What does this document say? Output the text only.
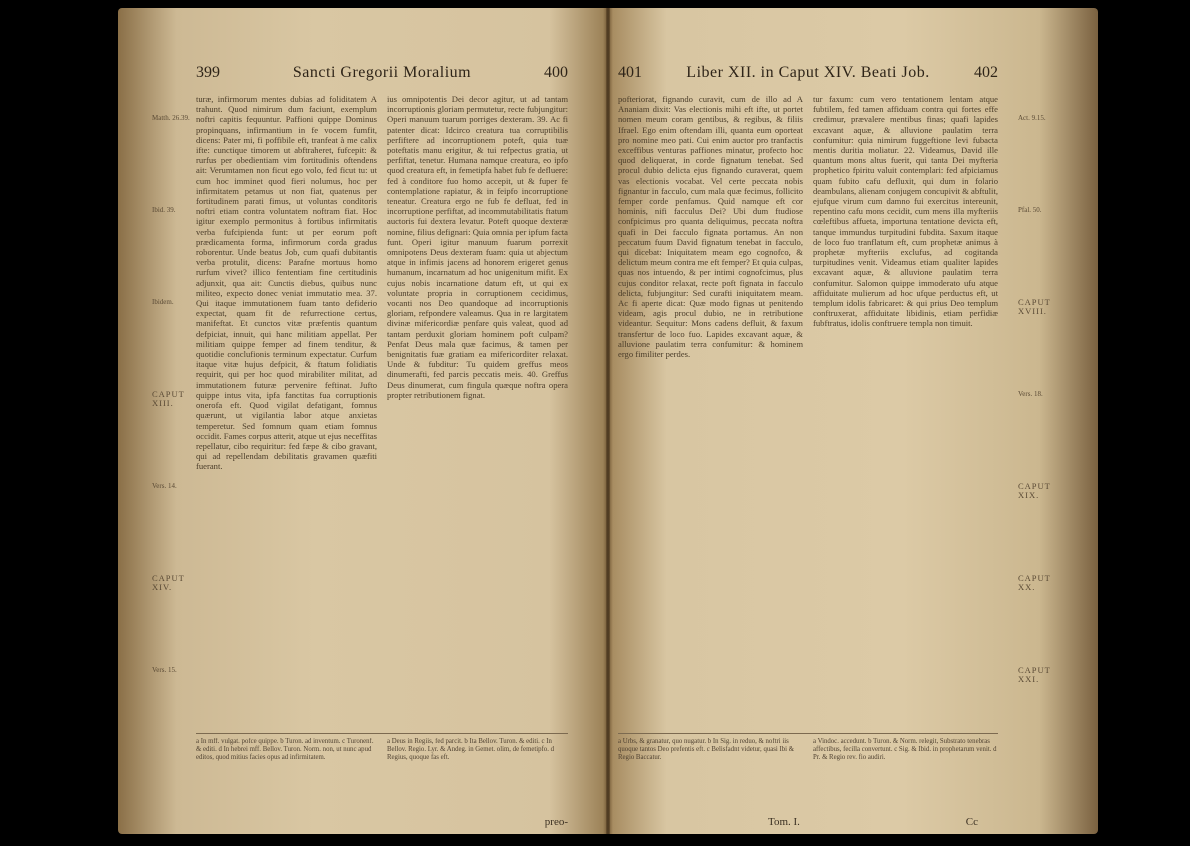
399	Sancti Gregorii Moralium	400
turæ, infirmorum mentes dubias ad foliditatem A trahunt. Quod nimirum dum faciunt, exemplum noftri capitis fequuntur. Paffioni quippe Dominus propinquans, infirmantium in fe vocem fumfit, dicens: Pater mi, fi poffibile eft, tranfeat à me calix ifte: cunctique timorem ut abftraheret, fufcepit: & rurfus per obedientiam vim fortitudinis oftendens ait: Verumtamen non ficut ego volo, fed ficut tu: ut cum hoc imminet quod fieri nolumus, hoc per infirmitatem petamus ut non fiat, quatenus per fortitudinem parati fimus, ut voluntas conditoris noftri etiam contra voluntatem noftram fiat. Hoc igitur exemplo permonitus à fortibus infirmitatis verba fufcipienda funt: ut per eorum poft prædicamenta forma, infirmorum corda gradus roborentur. Unde beatus Job, cum quafi dubitantis verba protulit, dicens: Parafne mortuus homo rurfum vivet? illico fententiam fine certitudinis adjunxit, qua ait: Cunctis diebus, quibus nunc militeo, expecto donec veniat immutatio mea. 37. Qui itaque immutationem fuam tanto defiderio expectat, quam fit de refurrectione certus, manifeftat. Et cunctos vitæ præfentis quantum defpiciat, innuit, qui hanc militiam appellat. Per militiam quippe femper ad finem tenditur, & quotidie conclufionis terminum expectatur. Curfum itaque vitæ hujus defpicit, & ftatum folidiatis requirit, qui per hoc quod mirabiliter militat, ad immutationem futuræ pervenire feftinat. Jufto quippe intus vita, ipfa fanctitas fua corruptionis onerofa eft. Quod vigilat defatigant, fomnus quærunt, ut vigilantia labor atque anxietas temperetur. Sed fomnum quam etiam fomnus occidit. Fames corpus atterit, atque ut ejus neceffitas repellatur, cibo requiritur: fed fæpe & cibo gravant, qui ad repellendam debilitatis gravamen quæfiti fuerant.
ius omnipotentis Dei decor agitur, ut ad tantam incorruptionis gloriam permutetur, recte fubjungitur: Operi manuum tuarum porriges dexteram. 39. Ac fi patenter dicat: Idcirco creatura tua corruptibilis perfiftere ad incorruptionem poteft, quia tuæ poteftatis manu erigitur, & tui refpectus gratia, ut perfiftat, tenetur. Humana namque creatura, eo ipfo quod creatura eft, in femetipfa habet fub fe defluere: fed à conditore fuo homo accepit, ut & fuper fe contemplatione rapiatur, & in feipfo incorruptione teneatur. Creatura ergo ne fub fe defluat, fed in incorruptione perfiftat, ad incommutabilitatis ftatum auctoris fui dextera levatur. Poteft quoque dexteræ nomine, filius defignari: Quia omnia per ipfum facta funt. Operi igitur manuum fuarum porrexit omnipotens Deus dexteram fuam: quia ut abjectum atque in infimis jacens ad honorem erigeret genus humanum, incarnatum ad hoc unigenitum mifit. Ex cujus nobis incarnatione datum eft, ut qui ex voluntate propria in corruptionem cecidimus, vocanti nos Deo quandoque ad incorruptionis gloriam, refpondere valeamus. Qua in re largitatem divinæ mifericordiæ penfare quis valeat, quod ad tantam perduxit gloriam hominem poft culpam? Penfat Deus mala quæ facimus, & tamen per benignitatis fuæ gratiam ea mifericorditer relaxat. Unde & fubditur: Tu quidem greffus meos dinumerafti, fed parcis peccatis meis. 40. Greffus Deus dinumerat, cum fingula quæque noftra opera propter retributionem fignat.
a In mff. vulgat. pofce quippe. b Turon. ad inventum. c Turonenf. & editi. d In hebrei mff. Bellov. Turon. Norm. non, ut nunc apud editos, quod mitius facies opus ad infirmitatem.
a Deus in Regiis, fed parcit. b Ita Bellov. Turon. & editi. c In Bellov. Regio. Lyr. & Andeg. in Gemet. olim, de femetipfo. d Regius, quoque fas eft.
preo-
Matth. 26.39.
Ibid. 39.
Ibidem.
CAPUT XIII.
Vers. 14.
CAPUT XIV.
Vers. 15.
401	Liber XII. in Caput XIV. Beati Job.	402
pofteriorat, fignando curavit, cum de illo ad A Ananiam dixit: Vas electionis mihi eft ifte, ut portet nomen meum coram gentibus, & regibus, & filiis Ifrael. Ego enim oftendam illi, quanta eum oporteat pro nomine meo pati. Cui enim auctor pro tranfactis exceffibus venturas paffiones minatur, profecto hoc quod deliquerat, in corde fignatum tenebat. Sed procul dubio delicta ejus fignando curaverat, quem vas electionis vocabat. Vel certe peccata nobis fignantur in facculo, cum mala quæ fecimus, follicito femper corde penfamus. Quid namque eft cor hominis, nifi facculus Dei? Ubi dum ftudiose confpicimus pro quanta deliquimus, peccata noftra quafi in Dei facculo fignata portamus. An non peccatum fuum David fignatum tenebat in facculo, qui dicebat: Iniquitatem meam ego cognofco, & delictum meum contra me eft femper? Et quia culpas, quas nos intuendo, & per intimi cognofcimus, plus cujus conditor relaxat, recte poft fignata in facculo delicta, fubjungitur: Sed curafti iniquitatem meam. Ac fi aperte dicat: Quæ modo fignas ut penitendo videam, agis procul dubio, ne in retributione videantur. Sequitur: Mons cadens defluit, & faxum transfertur de loco fuo. Lapides excavant aquæ, & alluvione paulatim terra confumitur: & hominem ergo fimiliter perdes.
tur faxum: cum vero tentationem lentam atque fubtilem, fed tamen affiduam contra qui fortes effe credimur, prævalere mentibus finas; quafi lapides excavant aquæ, & alluvione paulatim terra confumitur: quia nimirum fuggeftione levi fubacta mentis duritia moliatur. 22. Videamus, David ille quantum mons altus fuerit, qui tanta Dei myfteria prophetico fpiritu valuit contemplari: fed afpiciamus quam fubito cafu defluxit, qui dum in folario deambulans, alienam conjugem concupivit & abftulit, ejufque virum cum damno fui exercitus intereunit, repentino cafu mons cecidit, cum mens illa myfteriis cœleftibus affueta, importuna tentatione devicta eft, tanque immundus turpitudini fubdita. Saxum itaque de loco fuo tranflatum eft, cum prophetæ animus à prophetæ myfteriis exclufus, ad cogitanda turpitudines venit. Videamus etiam qualiter lapides excavant aquæ, & alluvione paulatim terra confumitur. Salomon quippe immoderato ufu atque affiduitate mulierum ad hoc ufque perductus eft, ut templum idolis fabricaret: & qui prius Deo templum conftruxerat, affiduitate libidinis, etiam perfidiæ fubftratus, idolis conftruere templa non timuit.
a Urbs, & granatur, quo nugatur. b In Sig. in reduo, & noftri iis quoque tantos Deo prefentis eft. c Belisfadnt videtur, quasi Ibi & Regio Baccatur.
a Vindoc. accedunt. b Turon. & Norm. relegit, Substrato tenebras affectibus, fecilla convertunt. c Sig. & Ibid. in prophetarum venit. d Pr. & Regio rev. fio audiri.
Tom. I.	Cc
Act. 9.15.
Pfal. 50.
CAPUT XVIII.
Vers. 18.
CAPUT XIX.
CAPUT XX.
CAPUT XXI.
